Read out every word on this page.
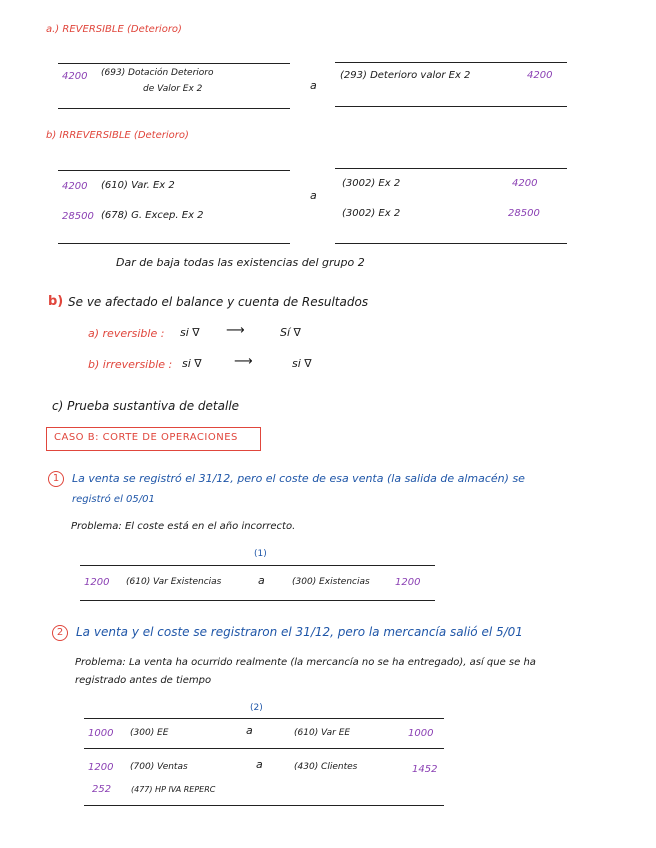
a.) REVERSIBLE (Deterioro)
4200 (693) Dotación Deterioro
de Valor Ex 2	a
(293) Deterioro valor Ex 2	4200
b) IRREVERSIBLE (Deterioro)
4200 (610) Var. Ex 2
28500 (678) G. Excep. Ex 2
a
(3002) Ex 2	4200
(3002) Ex 2	28500
Dar de baja todas las existencias del grupo 2
b) Se ve afectado el balance y cuenta de Resultados
a) reversible : si ∇ ⟶	Sí ∇
b) irreversible : si ∇ ⟶	si ∇
c) Prueba sustantiva de detalle
CASO B: CORTE DE OPERACIONES
1	La venta se registró el 31/12, pero el coste de esa venta (la salida de almacén) se
registró el 05/01
Problema: El coste está en el año incorrecto.
(1)
1200 (610) Var Existencias	a	(300) Existencias	1200
2	La venta y el coste se registraron el 31/12, pero la mercancía salió el 5/01
Problema: La venta ha ocurrido realmente (la mercancía no se ha entregado), así que se ha
registrado antes de tiempo
(2)
1000 (300) EE	a	(610) Var EE	1000
1200 (700) Ventas	a	(430) Clientes	1452
252 (477) HP IVA REPERC
